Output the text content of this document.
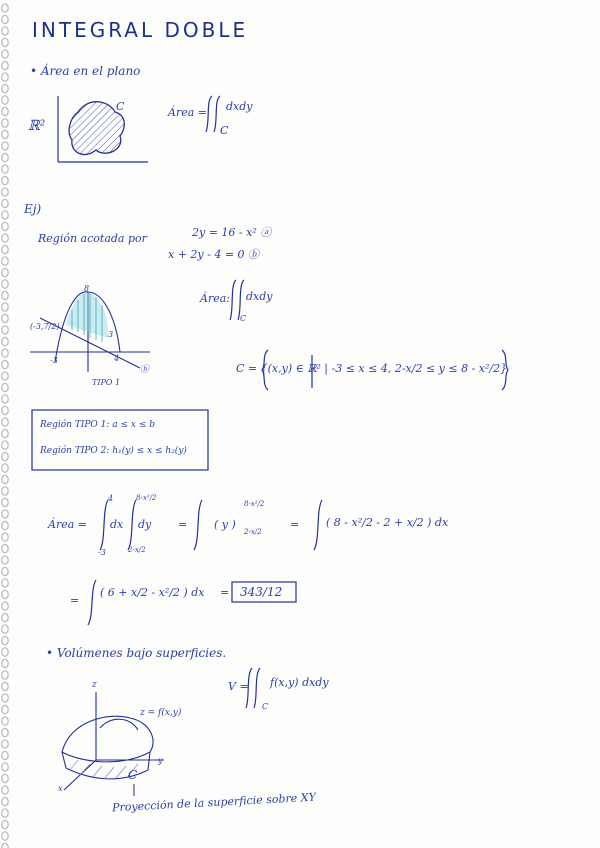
INTEGRAL DOBLE
• Área en el plano
ℝ²
C	Área = dxdy
C
Ej)
Región acotada por	2y = 16 - x² ⓐ
x + 2y - 4 = 0 ⓑ
8
(-3,7/2)
3
4
-3
ⓑ
TIPO 1
Área: dxdy
C
C = {(x,y) ∈ ℝ² | -3 ≤ x ≤ 4, 2-x/2 ≤ y ≤ 8 - x²/2}
Región TIPO 1: a ≤ x ≤ b
Región TIPO 2: h₁(y) ≤ x ≤ h₂(y)
Área =
4
-3
dx
8-x²/2
2-x/2
dy = ( y )
8-x²/2
2-x/2
= ( 8 - x²/2 - 2 + x/2 ) dx
=
( 6 + x/2 - x²/2 ) dx = 343/12
• Volúmenes bajo superficies.
V = f(x,y) dxdy
C
z
z = f(x,y)
y
x
C
Proyección de la superficie sobre XY
